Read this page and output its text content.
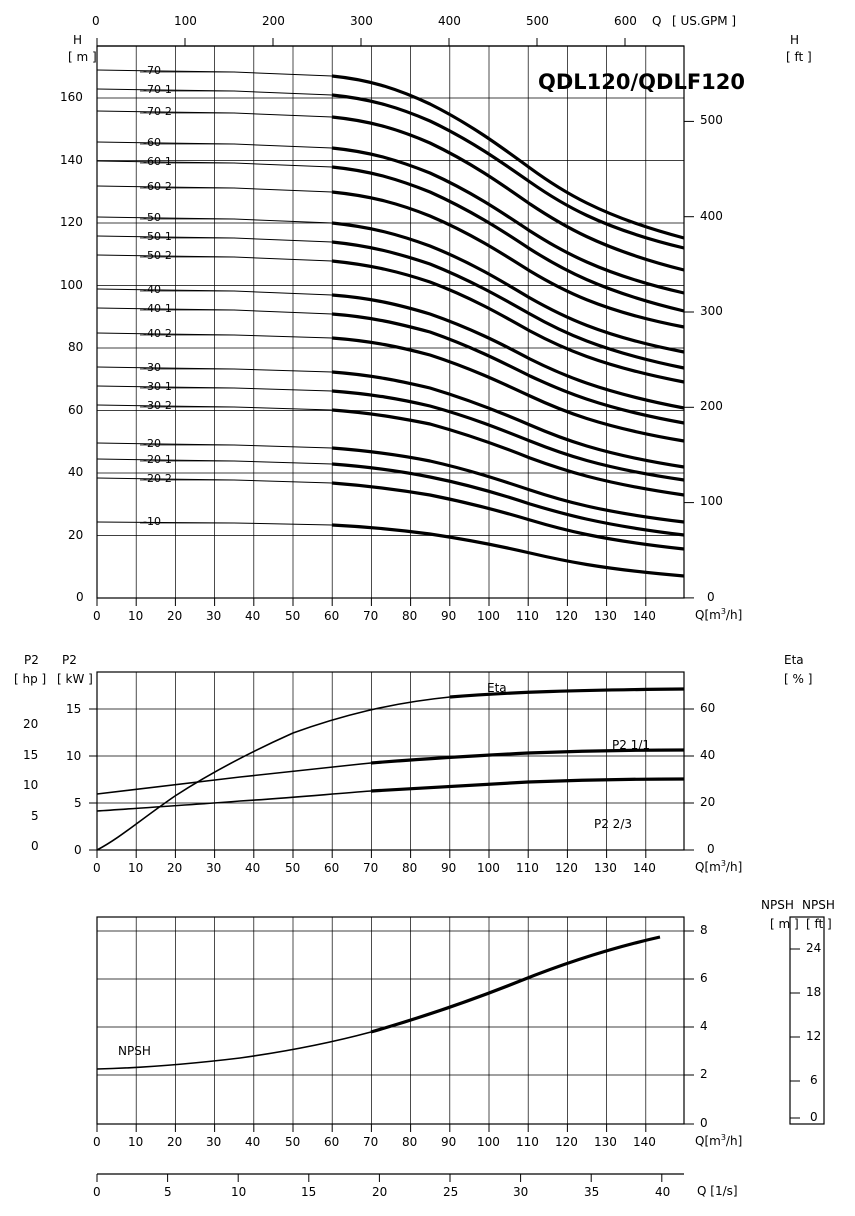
QDL120/QDLF120
0	100	200	300	400	500	600 Q [ US.GPM ]
H
[ m ]
160
140
120
100
80
60
40
20
0
H
[ ft ]
100
200
300
400
500
0
-70
-70-1
-70-2
-60
-60-1
-60-2
-50
-50-1
-50-2
-40
-40-1
-40-2
-30
-30-1
-30-2
-20
-20-1
-20-2
-10
0 10 20 30 40 50 60 70 80 90 100 110 120 130 140	$Q[m^3/h]$
P2
[ hp ]
P2
[ kW ]
20
15
10
5
0
15
10
5
0
Eta
[ % ]
60
40
20
0
Eta
P2 1/1
P2 2/3
0 10 20 30 40 50 60 70 80 90 100 110 120 130 140	$Q[m^3/h]$
NPSH NPSH
[ m ] [ ft ]
8
6
4
2
0
24
18
12
6
0
NPSH
0 10 20 30 40 50 60 70 80 90 100 110 120 130 140	$Q[m^3/h]$
0	5	10	15	20	25	30	35	40 Q [1/s]
